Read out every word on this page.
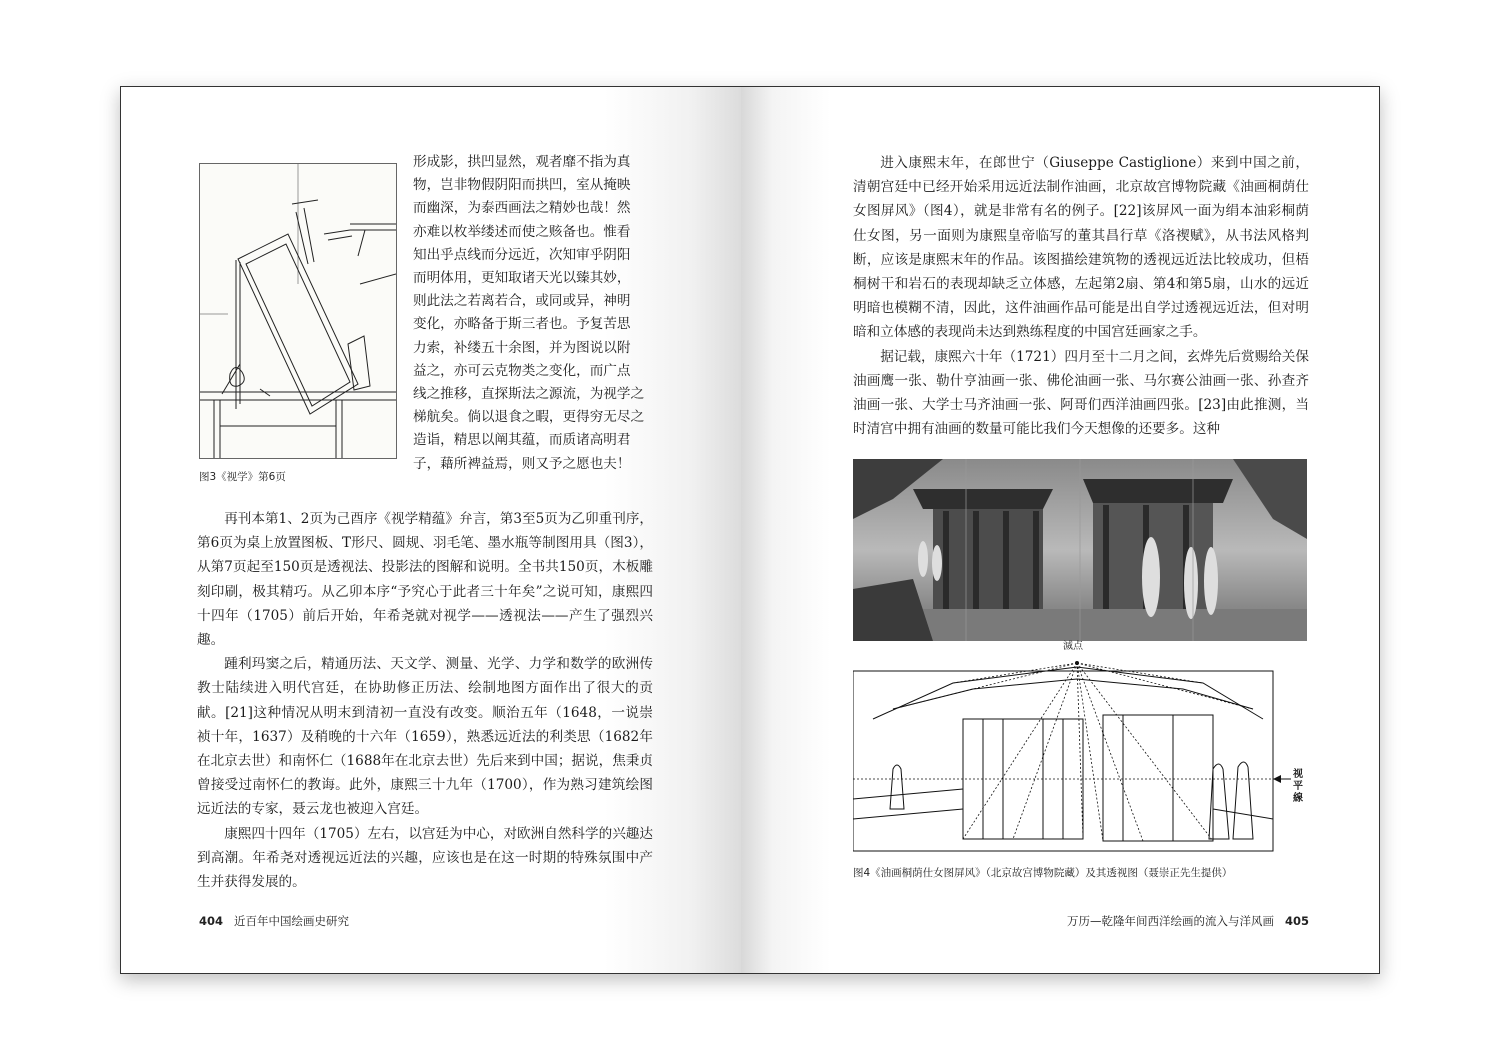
形成影，拱凹显然，观者靡不指为真
物，岂非物假阴阳而拱凹，室从掩映
而幽深，为泰西画法之精妙也哉！然
亦难以枚举缕述而使之赅备也。惟看
知出乎点线而分远近，次知审乎阴阳
而明体用，更知取诸天光以臻其妙，
则此法之若离若合，或同或异，神明
变化，亦略备于斯三者也。予复苦思
力索，补缕五十余图，并为图说以附
益之，亦可云克物类之变化，而广点
线之推移，直探斯法之源流，为视学之
梯航矣。倘以退食之暇，更得穷无尽之
造诣，精思以阐其蕴，而质诸高明君
子，藉所裨益焉，则又予之愿也夫！
图3《视学》第6页

再刊本第1、2页为己酉序《视学精蕴》弁言，第3至5页为乙卯重刊序，第6页为桌上放置图板、T形尺、圆规、羽毛笔、墨水瓶等制图用具（图3），从第7页起至150页是透视法、投影法的图解和说明。全书共150页，木板雕刻印刷，极其精巧。从乙卯本序“予究心于此者三十年矣”之说可知，康熙四十四年（1705）前后开始，年希尧就对视学——透视法——产生了强烈兴趣。

踵利玛窦之后，精通历法、天文学、测量、光学、力学和数学的欧洲传教士陆续进入明代宫廷，在协助修正历法、绘制地图方面作出了很大的贡献。[21]这种情况从明末到清初一直没有改变。顺治五年（1648，一说崇祯十年，1637）及稍晚的十六年（1659），熟悉远近法的利类思（1682年在北京去世）和南怀仁（1688年在北京去世）先后来到中国；据说，焦秉贞曾接受过南怀仁的教诲。此外，康熙三十九年（1700），作为熟习建筑绘图远近法的专家，聂云龙也被迎入宫廷。

康熙四十四年（1705）左右，以宫廷为中心，对欧洲自然科学的兴趣达到高潮。年希尧对透视远近法的兴趣，应该也是在这一时期的特殊氛围中产生并获得发展的。

404 近百年中国绘画史研究

进入康熙末年，在郎世宁（Giuseppe Castiglione）来到中国之前，清朝宫廷中已经开始采用远近法制作油画，北京故宫博物院藏《油画桐荫仕女图屏风》（图4），就是非常有名的例子。[22]该屏风一面为绢本油彩桐荫仕女图，另一面则为康熙皇帝临写的董其昌行草《洛禊赋》，从书法风格判断，应该是康熙末年的作品。该图描绘建筑物的透视远近法比较成功，但梧桐树干和岩石的表现却缺乏立体感，左起第2扇、第4和第5扇，山水的远近明暗也模糊不清，因此，这件油画作品可能是出自学过透视远近法，但对明暗和立体感的表现尚未达到熟练程度的中国宫廷画家之手。

据记载，康熙六十年（1721）四月至十二月之间，玄烨先后赏赐给关保油画鹰一张、勒什亨油画一张、佛伦油画一张、马尔赛公油画一张、孙查齐油画一张、大学士马齐油画一张、阿哥们西洋油画四张。[23]由此推测，当时清宫中拥有油画的数量可能比我们今天想像的还要多。这种

滅点
视平線
图4《油画桐荫仕女图屏风》（北京故宫博物院藏）及其透视图（聂崇正先生提供）
万历—乾隆年间西洋绘画的流入与洋风画 405
